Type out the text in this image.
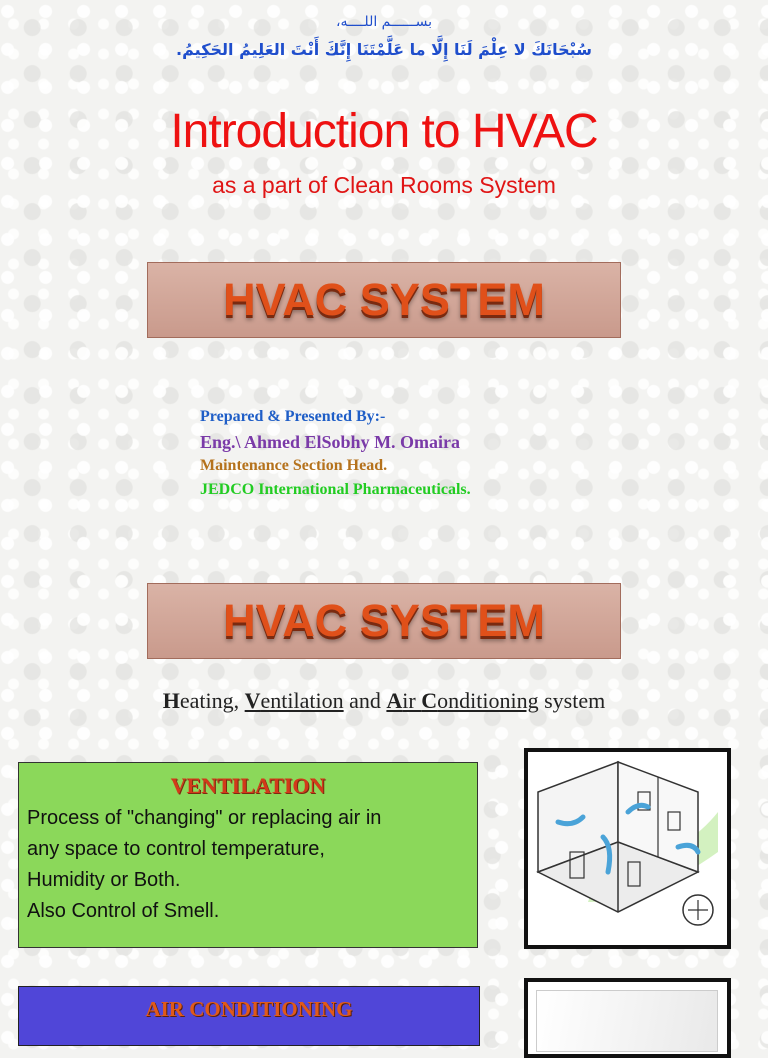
بســــــم اللــــه،
سُبْحَانَكَ لا عِلْمَ لَنَا إِلَّا ما عَلَّمْتَنَا إِنَّكَ أَنْتَ العَلِيمُ الحَكِيمُ.
Introduction to HVAC
as a part of Clean Rooms System
HVAC SYSTEM
Prepared & Presented By:-
Eng.\ Ahmed ElSobhy M. Omaira
Maintenance Section Head.
JEDCO International Pharmaceuticals.
HVAC SYSTEM
Heating, Ventilation and Air Conditioning system
VENTILATION
Process of "changing" or replacing air in
any space to control temperature,
Humidity or Both.
Also Control of Smell.
AIR CONDITIONING
